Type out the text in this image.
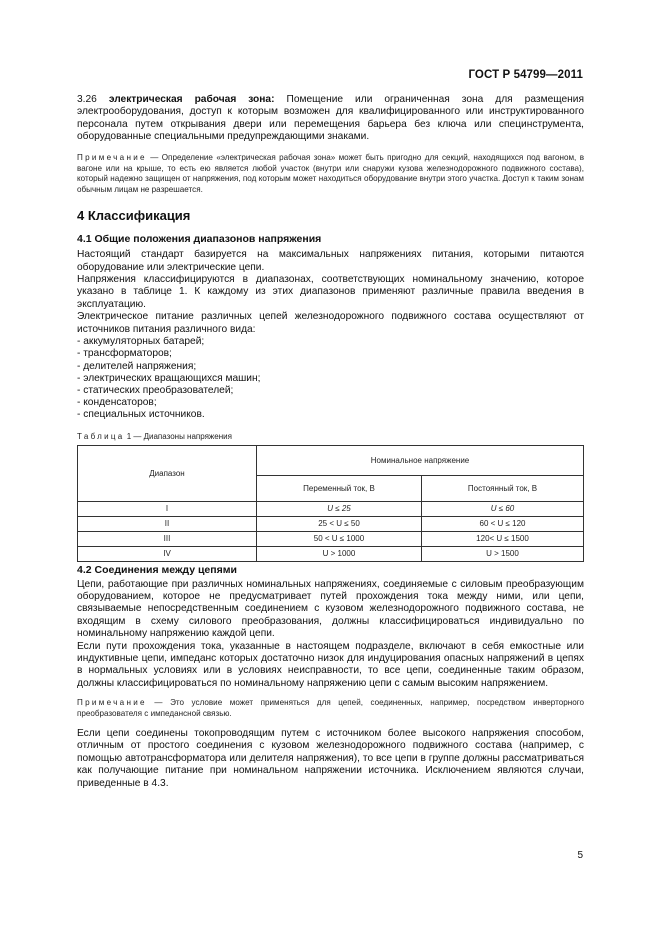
ГОСТ Р 54799—2011

3.26 электрическая рабочая зона: Помещение или ограниченная зона для размещения электрооборудования, доступ к которым возможен для квалифицированного или инструктированного персонала путем открывания двери или перемещения барьера без ключа или специнструмента, оборудованные специальными предупреждающими знаками.

Примечание — Определение «электрическая рабочая зона» может быть пригодно для секций, находящихся под вагоном, в вагоне или на крыше, то есть ею является любой участок (внутри или снаружи кузова железнодорожного подвижного состава), который надежно защищен от напряжения, под которым может находиться оборудование внутри этого участка. Доступ к таким зонам обычным лицам не разрешается.

4 Классификация
4.1 Общие положения диапазонов напряжения

Настоящий стандарт базируется на максимальных напряжениях питания, которыми питаются оборудование или электрические цепи.

Напряжения классифицируются в диапазонах, соответствующих номинальному значению, которое указано в таблице 1. К каждому из этих диапазонов применяют различные правила введения в эксплуатацию.

Электрическое питание различных цепей железнодорожного подвижного состава осуществляют от источников питания различного вида:

- аккумуляторных батарей;
- трансформаторов;
- делителей напряжения;
- электрических вращающихся машин;
- статических преобразователей;
- конденсаторов;
- специальных источников.
Таблица 1 — Диапазоны напряжения
Диапазон	Номинальное напряжение	
	Переменный ток, В	Постоянный ток, В
I	U ≤ 25	U ≤ 60
II	25 < U ≤ 50	60 < U ≤ 120
III	50 < U ≤ 1000	120< U ≤ 1500
IV	U > 1000	U > 1500
4.2 Соединения между цепями

Цепи, работающие при различных номинальных напряжениях, соединяемые с силовым преобразующим оборудованием, которое не предусматривает путей прохождения тока между ними, или цепи, связываемые непосредственным соединением с кузовом железнодорожного подвижного состава, не входящим в схему силового преобразования, должны классифицироваться индивидуально по номинальному напряжению каждой цепи.

Если пути прохождения тока, указанные в настоящем подразделе, включают в себя емкостные или индуктивные цепи, импеданс которых достаточно низок для индуцирования опасных напряжений в цепях в нормальных условиях или в условиях неисправности, то все цепи, соединенные таким образом, должны классифицироваться по номинальному напряжению цепи с самым высоким напряжением.

Примечание — Это условие может применяться для цепей, соединенных, например, посредством инверторного преобразователя с импедансной связью.

Если цепи соединены токопроводящим путем с источником более высокого напряжения способом, отличным от простого соединения с кузовом железнодорожного подвижного состава (например, с помощью автотрансформатора или делителя напряжения), то все цепи в группе должны рассматриваться как получающие питание при номинальном напряжении источника. Исключением являются случаи, приведенные в 4.3.

5
